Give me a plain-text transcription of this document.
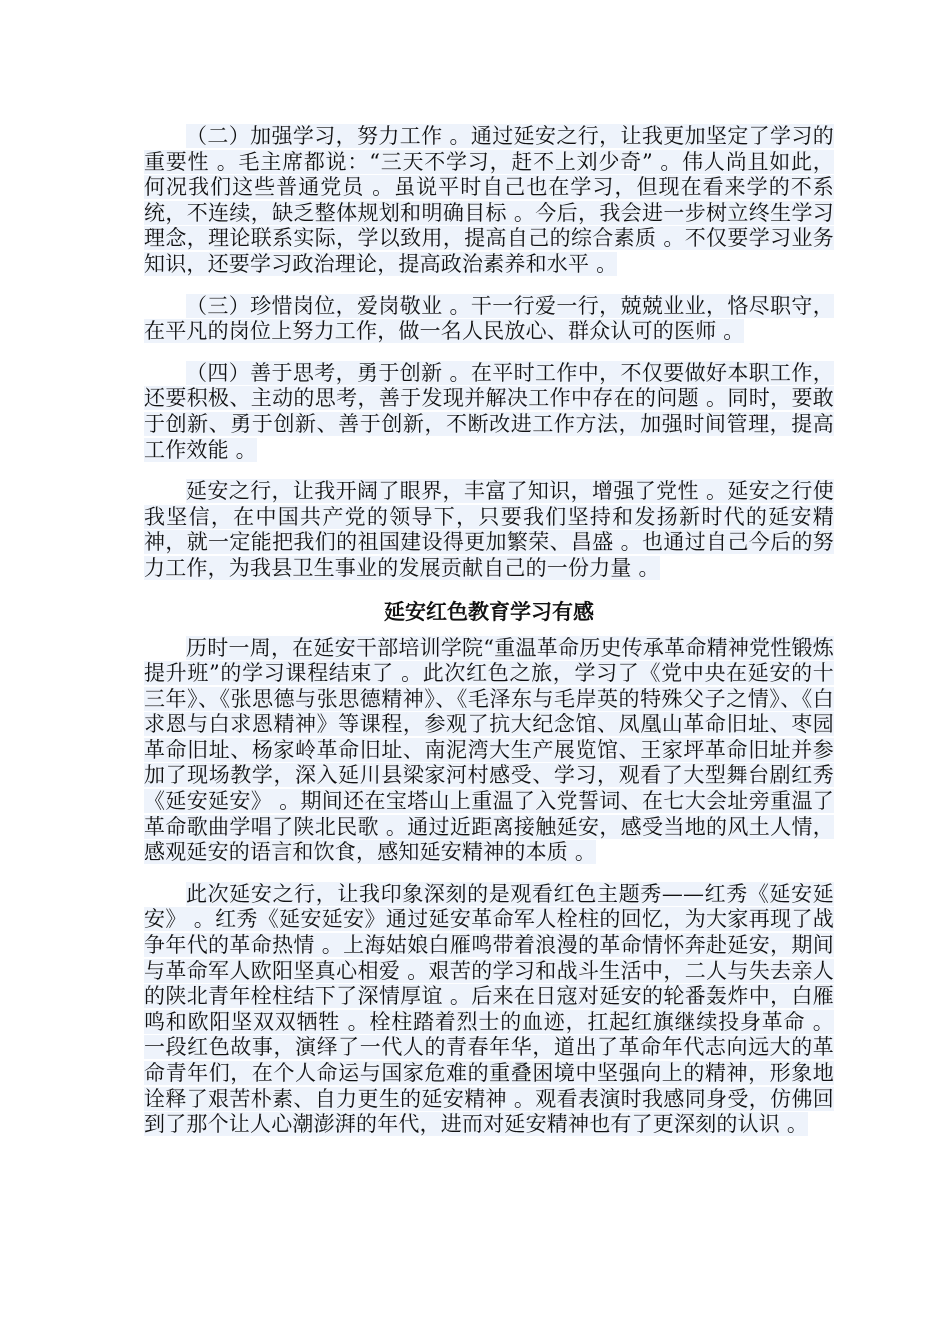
（二）加强学习，努力工作 。通过延安之行，让我更加坚定了学习的重要性 。毛主席都说：“三天不学习，赶不上刘少奇” 。伟人尚且如此，何况我们这些普通党员 。虽说平时自己也在学习，但现在看来学的不系统，不连续，缺乏整体规划和明确目标 。今后，我会进一步树立终生学习理念，理论联系实际，学以致用，提高自己的综合素质 。不仅要学习业务知识，还要学习政治理论，提高政治素养和水平 。

（三）珍惜岗位，爱岗敬业 。干一行爱一行，兢兢业业，恪尽职守，在平凡的岗位上努力工作，做一名人民放心、群众认可的医师 。

（四）善于思考，勇于创新 。在平时工作中，不仅要做好本职工作，还要积极、主动的思考，善于发现并解决工作中存在的问题 。同时，要敢于创新、勇于创新、善于创新，不断改进工作方法，加强时间管理，提高工作效能 。

延安之行，让我开阔了眼界，丰富了知识，增强了党性 。延安之行使我坚信，在中国共产党的领导下，只要我们坚持和发扬新时代的延安精神，就一定能把我们的祖国建设得更加繁荣、昌盛 。也通过自己今后的努力工作，为我县卫生事业的发展贡献自己的一份力量 。

延安红色教育学习有感

历时一周，在延安干部培训学院“重温革命历史传承革命精神党性锻炼提升班”的学习课程结束了 。此次红色之旅，学习了《党中央在延安的十三年》、《张思德与张思德精神》、《毛泽东与毛岸英的特殊父子之情》、《白求恩与白求恩精神》等课程，参观了抗大纪念馆、凤凰山革命旧址、枣园革命旧址、杨家岭革命旧址、南泥湾大生产展览馆、王家坪革命旧址并参加了现场教学，深入延川县梁家河村感受、学习，观看了大型舞台剧红秀《延安延安》 。期间还在宝塔山上重温了入党誓词、在七大会址旁重温了革命歌曲学唱了陕北民歌 。通过近距离接触延安，感受当地的风土人情，感观延安的语言和饮食，感知延安精神的本质 。

此次延安之行，让我印象深刻的是观看红色主题秀——红秀《延安延安》 。红秀《延安延安》通过延安革命军人栓柱的回忆，为大家再现了战争年代的革命热情 。上海姑娘白雁鸣带着浪漫的革命情怀奔赴延安，期间与革命军人欧阳坚真心相爱 。艰苦的学习和战斗生活中，二人与失去亲人的陕北青年栓柱结下了深情厚谊 。后来在日寇对延安的轮番轰炸中，白雁鸣和欧阳坚双双牺牲 。栓柱踏着烈士的血迹，扛起红旗继续投身革命 。一段红色故事，演绎了一代人的青春年华，道出了革命年代志向远大的革命青年们，在个人命运与国家危难的重叠困境中坚强向上的精神，形象地诠释了艰苦朴素、自力更生的延安精神 。观看表演时我感同身受，仿佛回到了那个让人心潮澎湃的年代，进而对延安精神也有了更深刻的认识 。
